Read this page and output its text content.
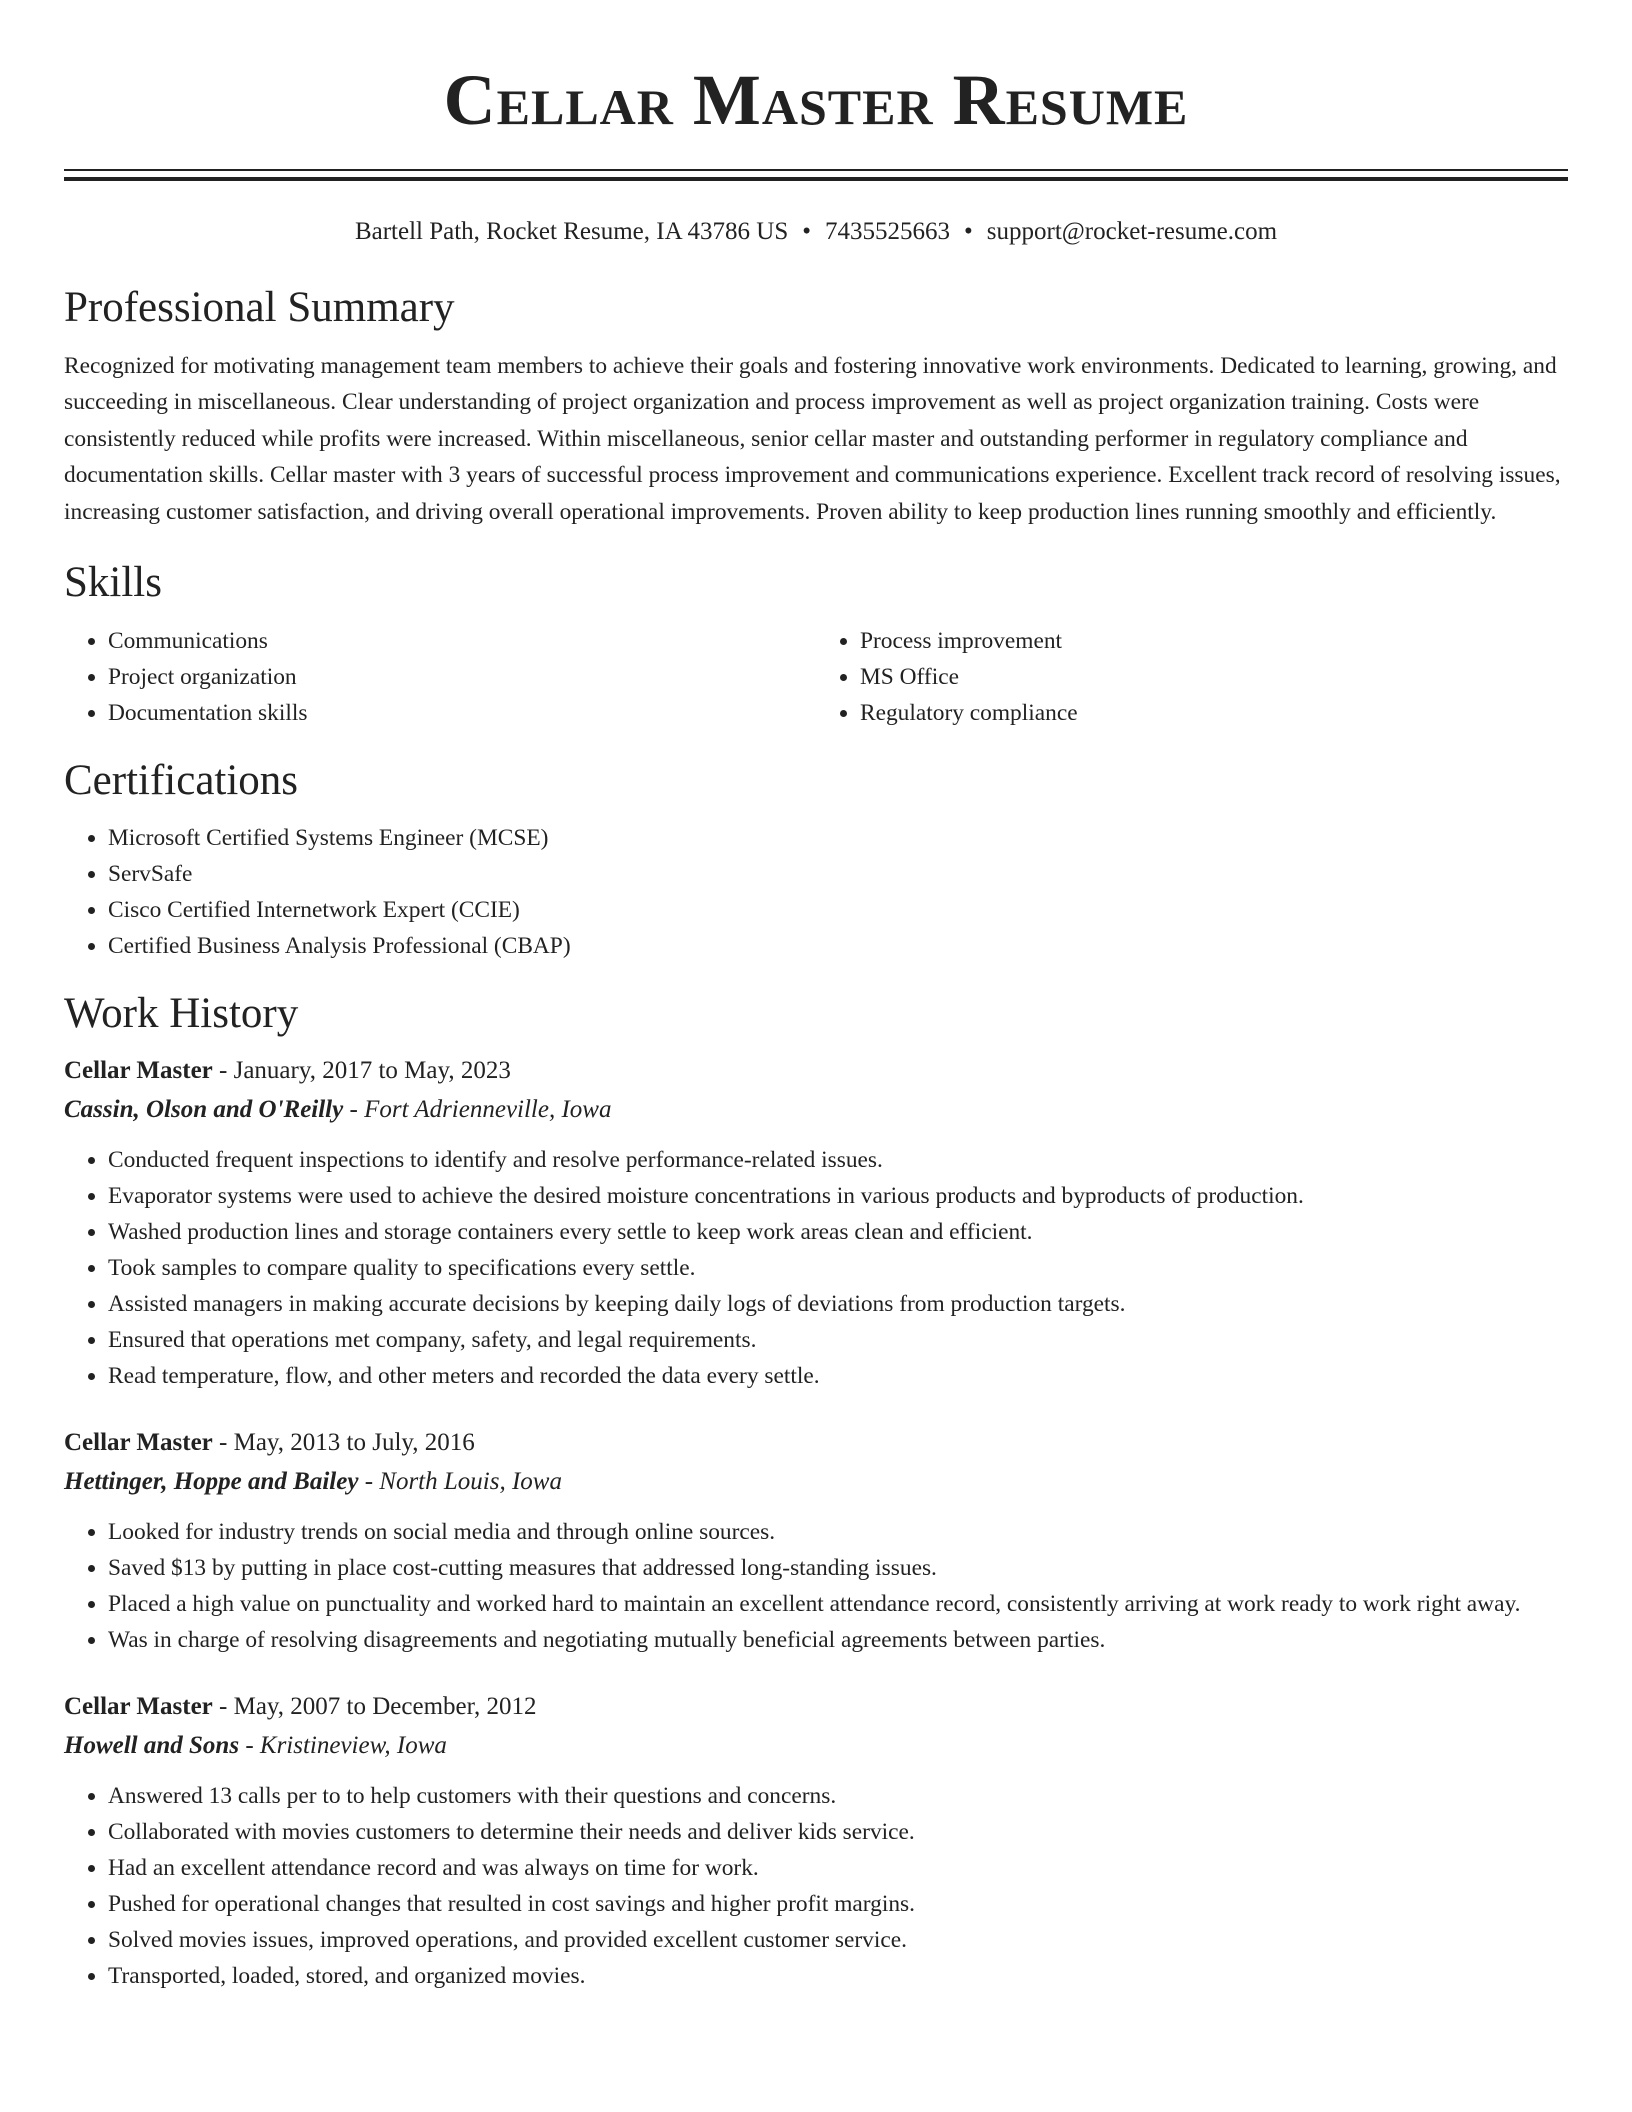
Cellar Master Resume
Bartell Path, Rocket Resume, IA 43786 US • 7435525663 • support@rocket-resume.com
Professional Summary

Recognized for motivating management team members to achieve their goals and fostering innovative work environments. Dedicated to learning, growing, and succeeding in miscellaneous. Clear understanding of project organization and process improvement as well as project organization training. Costs were consistently reduced while profits were increased. Within miscellaneous, senior cellar master and outstanding performer in regulatory compliance and documentation skills. Cellar master with 3 years of successful process improvement and communications experience. Excellent track record of resolving issues, increasing customer satisfaction, and driving overall operational improvements. Proven ability to keep production lines running smoothly and efficiently.

Skills
• Communications
• Project organization
• Documentation skills
• Process improvement
• MS Office
• Regulatory compliance
Certifications
• Microsoft Certified Systems Engineer (MCSE)
• ServSafe
• Cisco Certified Internetwork Expert (CCIE)
• Certified Business Analysis Professional (CBAP)
Work History
Cellar Master - January, 2017 to May, 2023
Cassin, Olson and O'Reilly - Fort Adrienneville, Iowa
• Conducted frequent inspections to identify and resolve performance-related issues.
• Evaporator systems were used to achieve the desired moisture concentrations in various products and byproducts of production.
• Washed production lines and storage containers every settle to keep work areas clean and efficient.
• Took samples to compare quality to specifications every settle.
• Assisted managers in making accurate decisions by keeping daily logs of deviations from production targets.
• Ensured that operations met company, safety, and legal requirements.
• Read temperature, flow, and other meters and recorded the data every settle.
Cellar Master - May, 2013 to July, 2016
Hettinger, Hoppe and Bailey - North Louis, Iowa
• Looked for industry trends on social media and through online sources.
• Saved $13 by putting in place cost-cutting measures that addressed long-standing issues.
• Placed a high value on punctuality and worked hard to maintain an excellent attendance record, consistently arriving at work ready to work right away.
• Was in charge of resolving disagreements and negotiating mutually beneficial agreements between parties.
Cellar Master - May, 2007 to December, 2012
Howell and Sons - Kristineview, Iowa
• Answered 13 calls per to to help customers with their questions and concerns.
• Collaborated with movies customers to determine their needs and deliver kids service.
• Had an excellent attendance record and was always on time for work.
• Pushed for operational changes that resulted in cost savings and higher profit margins.
• Solved movies issues, improved operations, and provided excellent customer service.
• Transported, loaded, stored, and organized movies.
